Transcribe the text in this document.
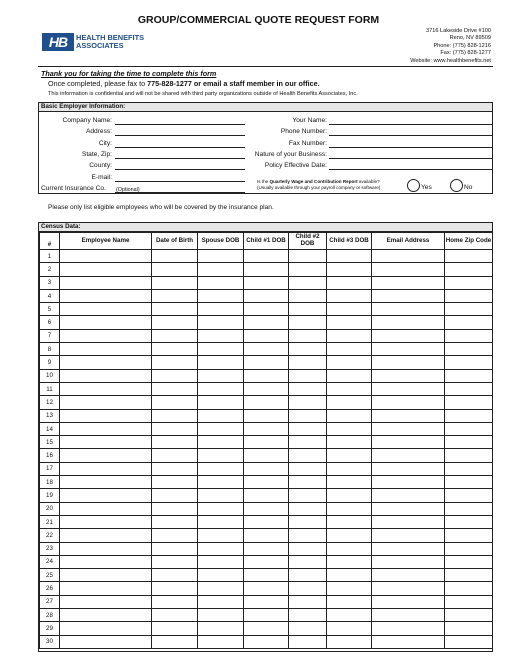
GROUP/COMMERCIAL QUOTE REQUEST FORM
HB	HEALTH BENEFITS
ASSOCIATES
3716 Lakeside Drive #100
Reno, NV 89509
Phone: (775) 828-1216
Fax: (775) 828-1277
Website: www.healthbenefits.net
Thank you for taking the time to complete this form
Once completed, please fax to 775-828-1277 or email a staff member in our office.
This information is confidential and will not be shared with third party organizations outside of Health Benefits Associates, Inc.
Basic Employer Information:
Company Name:
Address:
City:
State, Zip:
County:
E-mail:
Your Name:
Phone Number:
Fax Number:
Nature of your Business:
Policy Effective Date:
Current Insurance Co.	(Optional)
Is the Quarterly Wage and Contribution Report available?
(Usually available through your payroll company or software)	Yes	No
Please only list eligible employees who will be covered by the insurance plan.
Census Data:
#	Employee Name	Date of Birth	Spouse DOB	Child #1 DOB	Child #2 DOB	Child #3 DOB	Email Address	Home Zip Code
1								
2								
3								
4								
5								
6								
7								
8								
9								
10								
11								
12								
13								
14								
15								
16								
17								
18								
19								
20								
21								
22								
23								
24								
25								
26								
27								
28								
29								
30								
